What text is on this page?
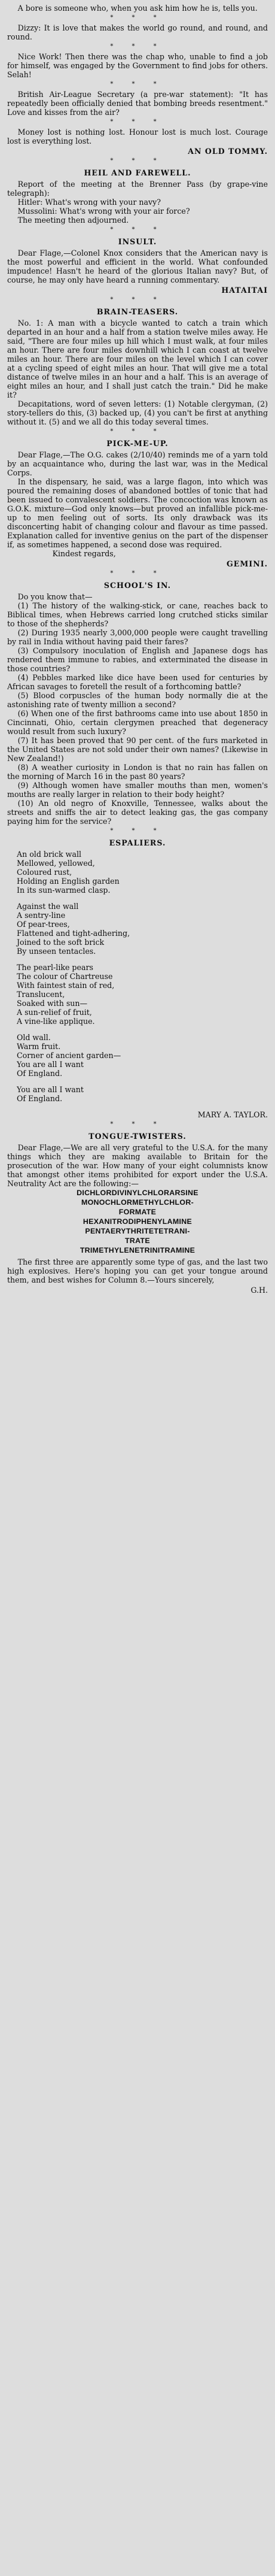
A bore is someone who, when you ask him how he is, tells you.

* * *

Dizzy: It is love that makes the world go round, and round, and round.

* * *

Nice Work! Then there was the chap who, unable to find a job for himself, was engaged by the Government to find jobs for others. Selah!

* * *

British Air-League Secretary (a pre-war statement): "It has repeatedly been officially denied that bombing breeds resentment." Love and kisses from the air?

* * *

Money lost is nothing lost. Honour lost is much lost. Courage lost is everything lost.

AN OLD TOMMY.
* * *
HEIL AND FAREWELL.

Report of the meeting at the Brenner Pass (by grape-vine telegraph):

Hitler: What's wrong with your navy?

Mussolini: What's wrong with your air force?

The meeting then adjourned.

* * *
INSULT.

Dear Flage,—Colonel Knox considers that the American navy is the most powerful and efficient in the world. What confounded impudence! Hasn't he heard of the glorious Italian navy? But, of course, he may only have heard a running commentary.

HATAITAI
* * *
BRAIN-TEASERS.

No. 1: A man with a bicycle wanted to catch a train which departed in an hour and a half from a station twelve miles away. He said, "There are four miles up hill which I must walk, at four miles an hour. There are four miles downhill which I can coast at twelve miles an hour. There are four miles on the level which I can cover at a cycling speed of eight miles an hour. That will give me a total distance of twelve miles in an hour and a half. This is an average of eight miles an hour, and I shall just catch the train." Did he make it?

Decapitations, word of seven letters: (1) Notable clergyman, (2) story-tellers do this, (3) backed up, (4) you can't be first at anything without it. (5) and we all do this today several times.

* * *
PICK-ME-UP.

Dear Flage,—The O.G. cakes (2/10/40) reminds me of a yarn told by an acquaintance who, during the last war, was in the Medical Corps.

In the dispensary, he said, was a large flagon, into which was poured the remaining doses of abandoned bottles of tonic that had been issued to convalescent soldiers. The concoction was known as G.O.K. mixture—God only knows—but proved an infallible pick-me-up to men feeling out of sorts. Its only drawback was its disconcerting habit of changing colour and flavour as time passed. Explanation called for inventive genius on the part of the dispenser if, as sometimes happened, a second dose was required.

Kindest regards,

GEMINI.
* * *
SCHOOL'S IN.

Do you know that—

(1) The history of the walking-stick, or cane, reaches back to Biblical times, when Hebrews carried long crutched sticks similar to those of the shepherds?

(2) During 1935 nearly 3,000,000 people were caught travelling by rail in India without having paid their fares?

(3) Compulsory inoculation of English and Japanese dogs has rendered them immune to rabies, and exterminated the disease in those countries?

(4) Pebbles marked like dice have been used for centuries by African savages to foretell the result of a forthcoming battle?

(5) Blood corpuscles of the human body normally die at the astonishing rate of twenty million a second?

(6) When one of the first bathrooms came into use about 1850 in Cincinnati, Ohio, certain clergymen preached that degeneracy would result from such luxury?

(7) It has been proved that 90 per cent. of the furs marketed in the United States are not sold under their own names? (Likewise in New Zealand!)

(8) A weather curiosity in London is that no rain has fallen on the morning of March 16 in the past 80 years?

(9) Although women have smaller mouths than men, women's mouths are really larger in relation to their body height?

(10) An old negro of Knoxville, Tennessee, walks about the streets and sniffs the air to detect leaking gas, the gas company paying him for the service?

* * *
ESPALIERS.
An old brick wall
Mellowed, yellowed,
Coloured rust,
Holding an English garden
In its sun-warmed clasp.
Against the wall
A sentry-line
Of pear-trees,
Flattened and tight-adhering,
Joined to the soft brick
By unseen tentacles.
The pearl-like pears
The colour of Chartreuse
With faintest stain of red,
Translucent,
Soaked with sun—
A sun-relief of fruit,
A vine-like applique.
Old wall.
Warm fruit.
Corner of ancient garden—
You are all I want
Of England.
You are all I want
Of England.
MARY A. TAYLOR.
* * *
TONGUE-TWISTERS.

Dear Flage,—We are all very grateful to the U.S.A. for the many things which they are making available to Britain for the prosecution of the war. How many of your eight columnists know that amongst other items prohibited for export under the U.S.A. Neutrality Act are the following:—

DICHLORDIVINYLCHLORARSINE
MONOCHLORMETHYLCHLOR-
FORMATE
HEXANITRODIPHENYLAMINE
PENTAERYTHRITETETRANI-
TRATE
TRIMETHYLENETRINITRAMINE

The first three are apparently some type of gas, and the last two high explosives. Here's hoping you can get your tongue around them, and best wishes for Column 8.—Yours sincerely,

G.H.
